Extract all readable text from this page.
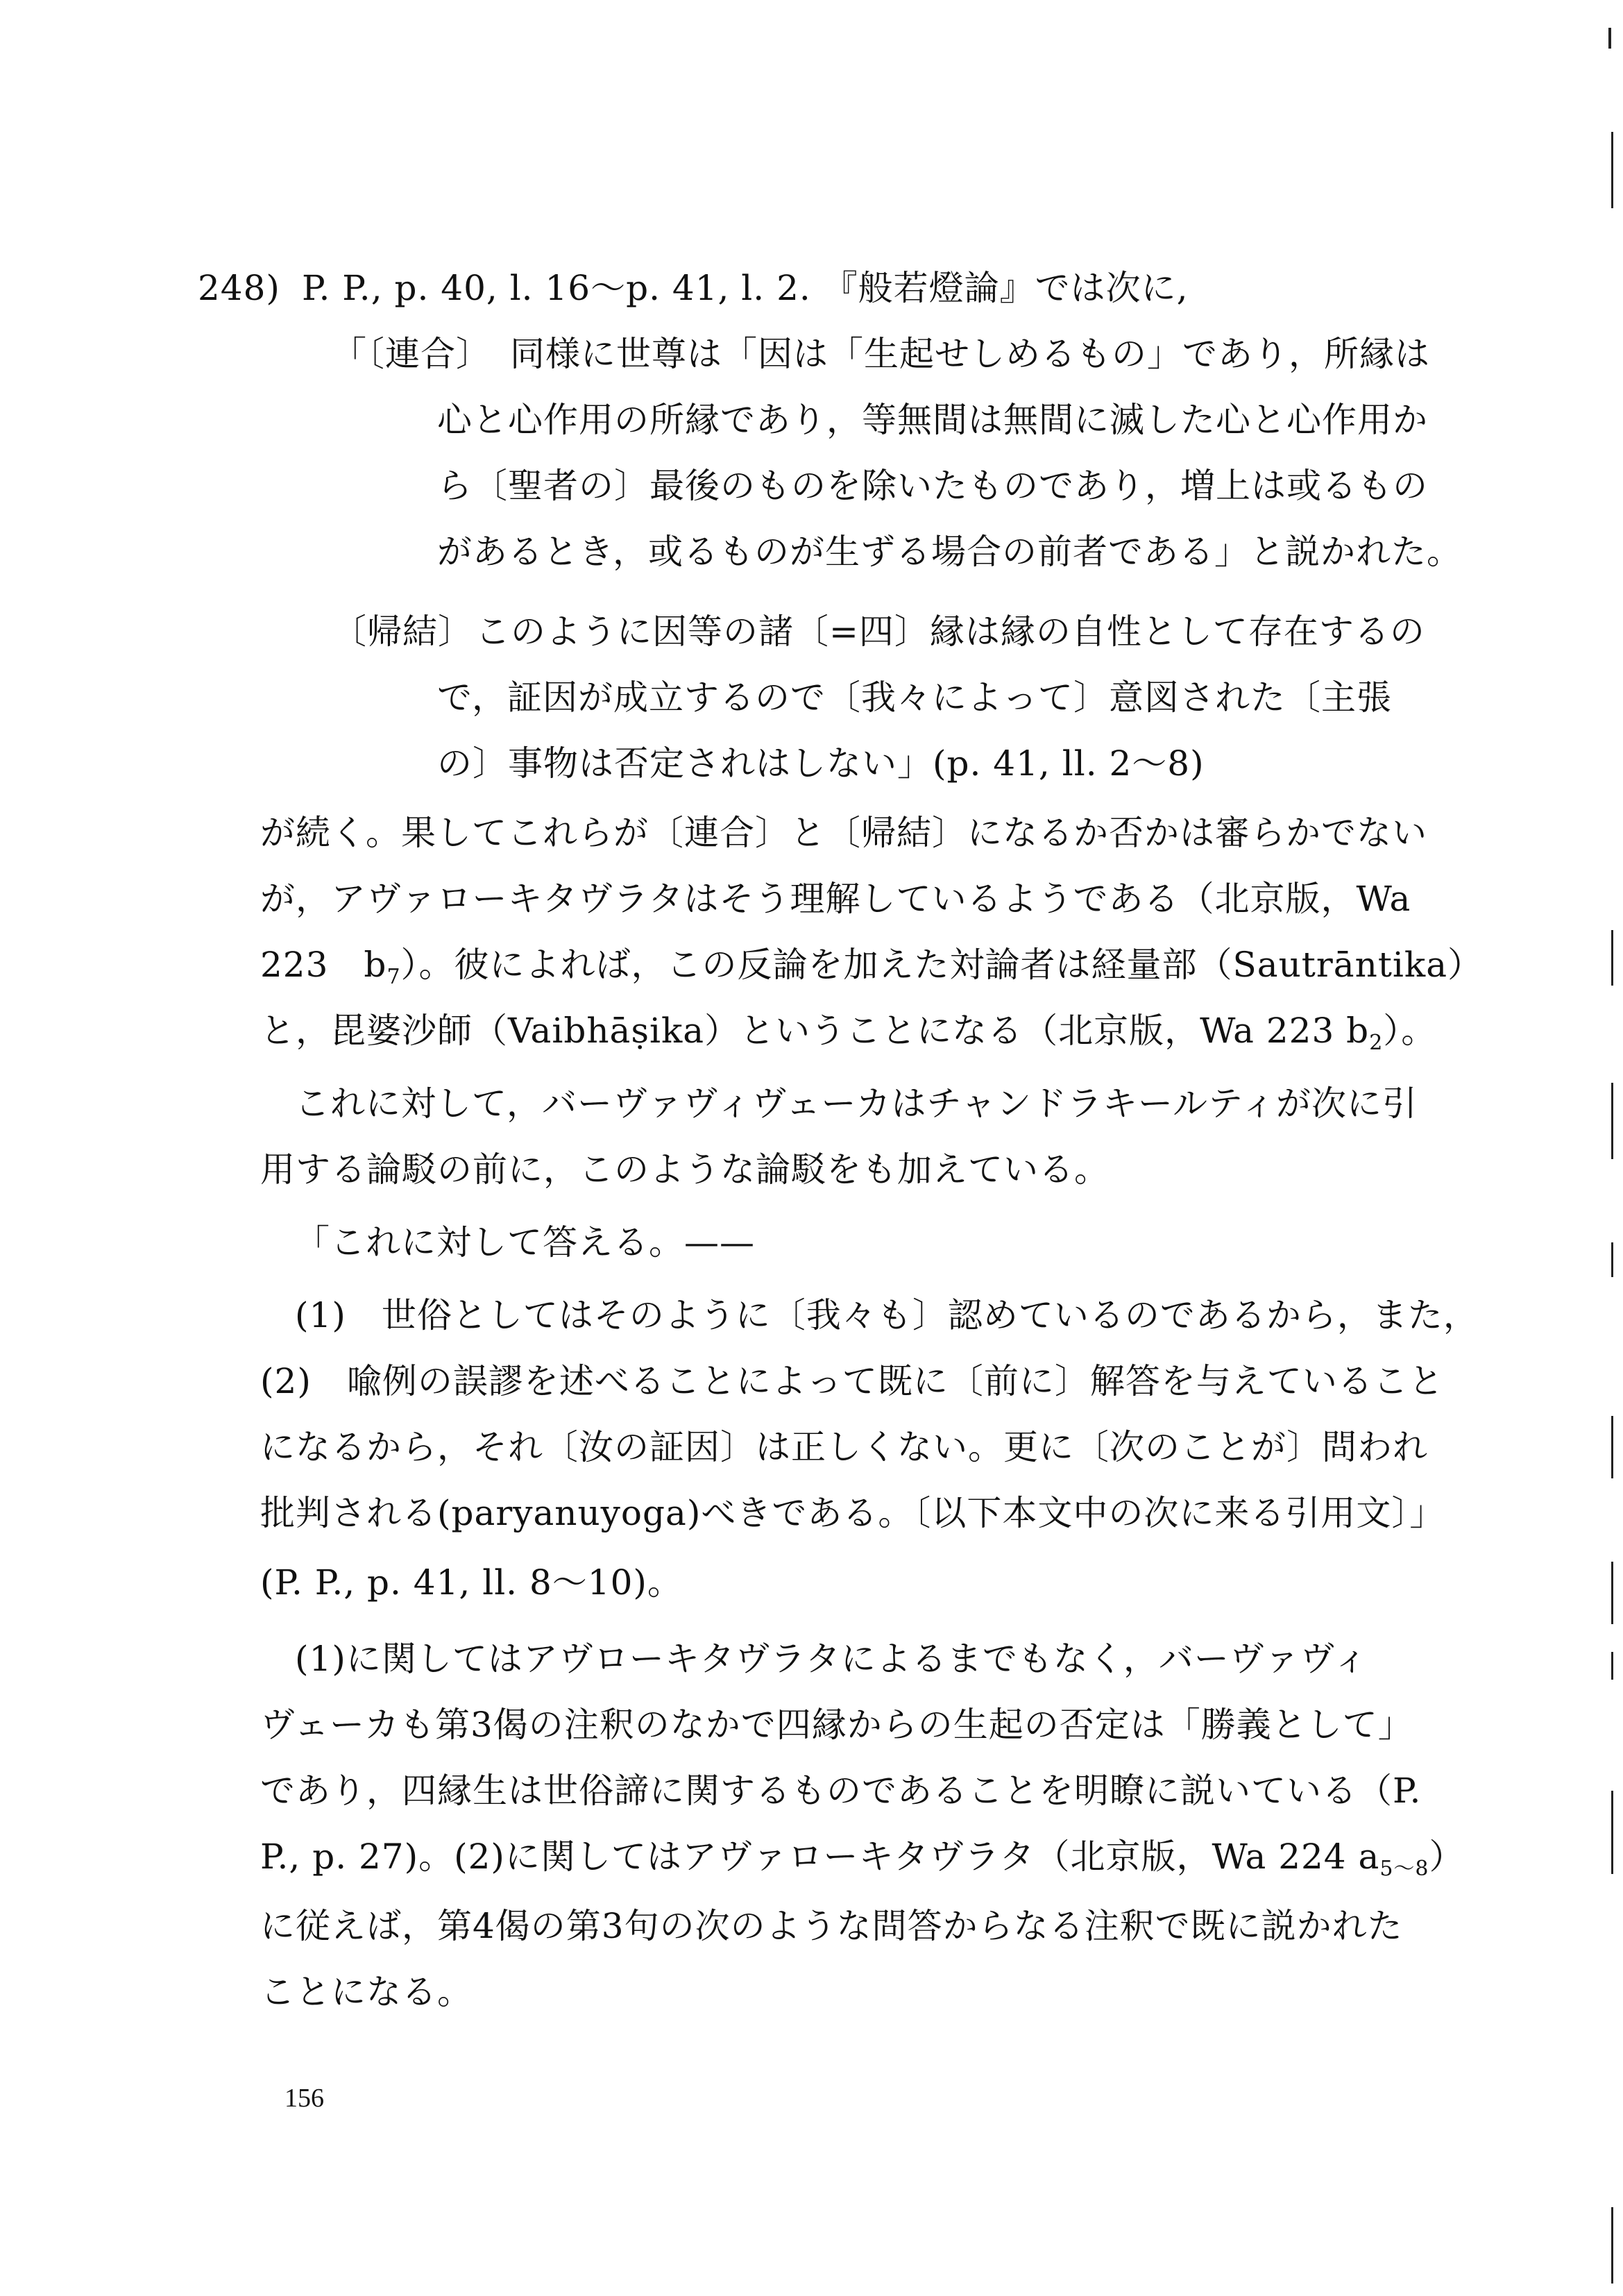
248) P. P., p. 40, l. 16〜p. 41, l. 2. 『般若燈論』では次に,
「〔連合〕 同様に世尊は「因は「生起せしめるもの」であり，所縁は
心と心作用の所縁であり，等無間は無間に滅した心と心作用か
ら〔聖者の〕最後のものを除いたものであり，増上は或るもの
があるとき，或るものが生ずる場合の前者である」と説かれた。
〔帰結〕 このように因等の諸〔=四〕縁は縁の自性として存在するの
で，証因が成立するので〔我々によって〕意図された〔主張
の〕事物は否定されはしない」(p. 41, ll. 2〜8)
が続く。果してこれらが〔連合〕と〔帰結〕になるか否かは審らかでない
が，アヴァローキタヴラタはそう理解しているようである（北京版，Wa
223　$b_7$）。彼によれば，この反論を加えた対論者は経量部（Sautrāntika）
と，毘婆沙師（Vaibhāṣika）ということになる（北京版，Wa 223 $b_2$）。
これに対して，バーヴァヴィヴェーカはチャンドラキールティが次に引
用する論駁の前に，このような論駁をも加えている。
「これに対して答える。——
(1)　世俗としてはそのように〔我々も〕認めているのであるから，また，
(2)　喩例の誤謬を述べることによって既に〔前に〕解答を与えていること
になるから，それ〔汝の証因〕は正しくない。更に〔次のことが〕問われ
批判される(paryanuyoga)べきである。〔以下本文中の次に来る引用文〕」
(P. P., p. 41, ll. 8〜10)。
(1)に関してはアヴローキタヴラタによるまでもなく，バーヴァヴィ
ヴェーカも第3偈の注釈のなかで四縁からの生起の否定は「勝義として」
であり，四縁生は世俗諦に関するものであることを明瞭に説いている（P.
P., p. 27)。(2)に関してはアヴァローキタヴラタ（北京版，Wa 224 $a_{5〜8}$）
に従えば，第4偈の第3句の次のような問答からなる注釈で既に説かれた
ことになる。
156
